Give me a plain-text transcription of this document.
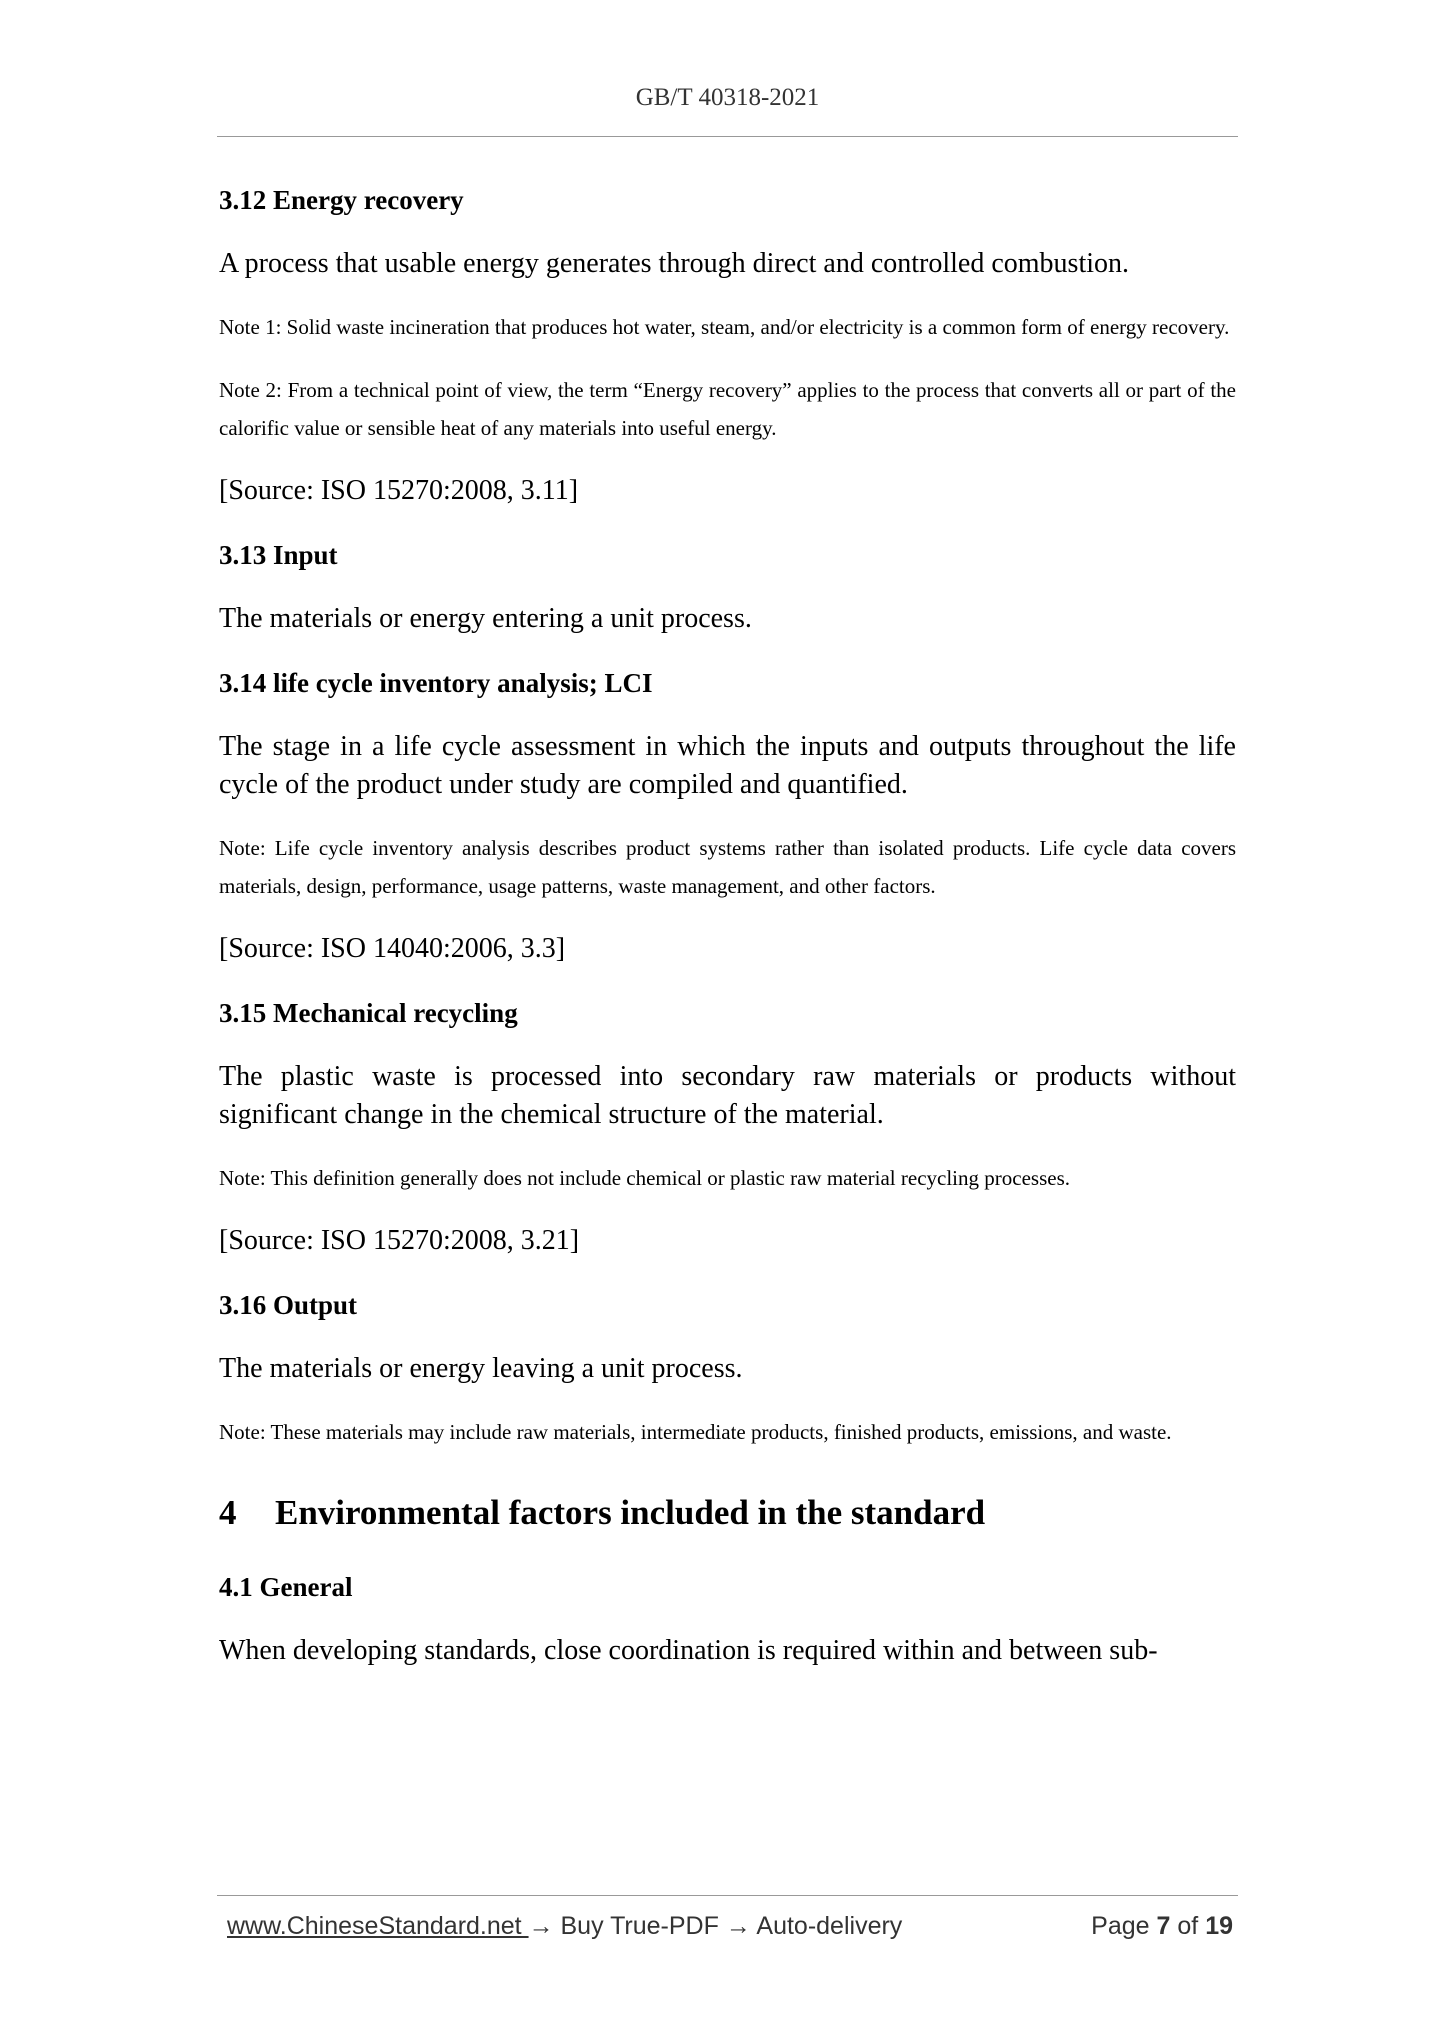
GB/T 40318-2021
3.12 Energy recovery
A process that usable energy generates through direct and controlled combustion.
Note 1: Solid waste incineration that produces hot water, steam, and/or electricity is a common form of energy recovery.
Note 2: From a technical point of view, the term “Energy recovery” applies to the process that converts all or part of the calorific value or sensible heat of any materials into useful energy.
[Source: ISO 15270:2008, 3.11]
3.13 Input
The materials or energy entering a unit process.
3.14 life cycle inventory analysis; LCI
The stage in a life cycle assessment in which the inputs and outputs throughout the life cycle of the product under study are compiled and quantified.
Note: Life cycle inventory analysis describes product systems rather than isolated products. Life cycle data covers materials, design, performance, usage patterns, waste management, and other factors.
[Source: ISO 14040:2006, 3.3]
3.15 Mechanical recycling
The plastic waste is processed into secondary raw materials or products without significant change in the chemical structure of the material.
Note: This definition generally does not include chemical or plastic raw material recycling processes.
[Source: ISO 15270:2008, 3.21]
3.16 Output
The materials or energy leaving a unit process.
Note: These materials may include raw materials, intermediate products, finished products, emissions, and waste.
4	Environmental factors included in the standard
4.1 General
When developing standards, close coordination is required within and between sub-
www.ChineseStandard.net → Buy True-PDF → Auto-delivery	Page 7 of 19
